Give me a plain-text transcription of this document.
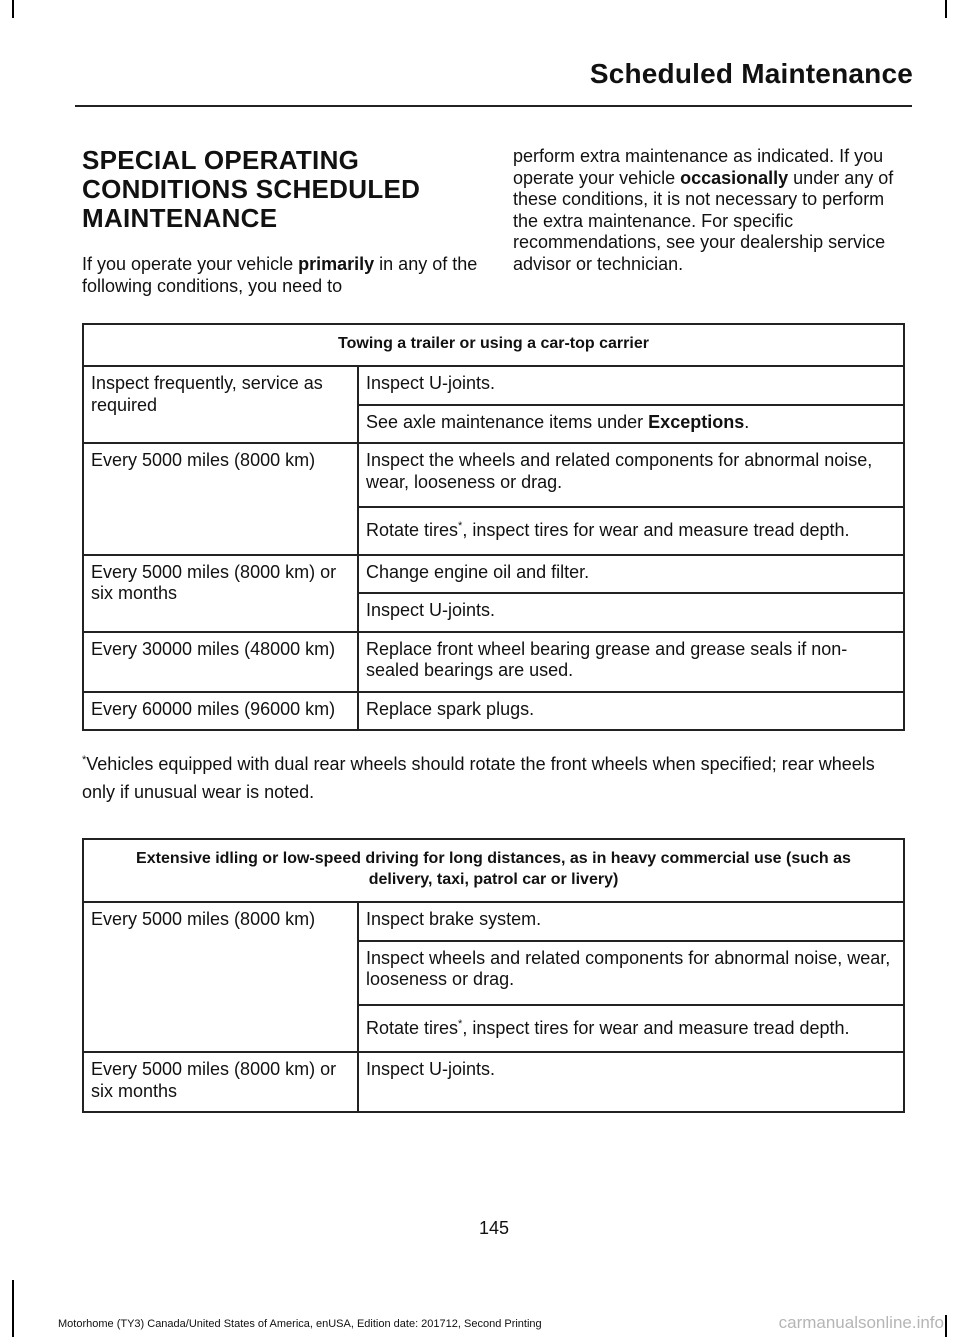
Scheduled Maintenance
SPECIAL OPERATING
CONDITIONS SCHEDULED
MAINTENANCE

If you operate your vehicle primarily in any of the following conditions, you need to

perform extra maintenance as indicated. If you operate your vehicle occasionally under any of these conditions, it is not necessary to perform the extra maintenance. For specific recommendations, see your dealership service advisor or technician.

Towing a trailer or using a car-top carrier	
Inspect frequently, service as required	Inspect U-joints.
	See axle maintenance items under Exceptions.
Every 5000 miles (8000 km)	Inspect the wheels and related components for abnormal noise, wear, looseness or drag.
	Rotate tires*, inspect tires for wear and measure tread depth.
Every 5000 miles (8000 km) or six months	Change engine oil and filter.
	Inspect U-joints.
Every 30000 miles (48000 km)	Replace front wheel bearing grease and grease seals if non-sealed bearings are used.
Every 60000 miles (96000 km)	Replace spark plugs.
*Vehicles equipped with dual rear wheels should rotate the front wheels when specified; rear wheels only if unusual wear is noted.
Extensive idling or low-speed driving for long distances, as in heavy commercial use (such as delivery, taxi, patrol car or livery)	
Every 5000 miles (8000 km)	Inspect brake system.
	Inspect wheels and related components for abnormal noise, wear, looseness or drag.
	Rotate tires*, inspect tires for wear and measure tread depth.
Every 5000 miles (8000 km) or six months	Inspect U-joints.
145
Motorhome (TY3) Canada/United States of America, enUSA, Edition date: 201712, Second Printing	carmanualsonline.info
